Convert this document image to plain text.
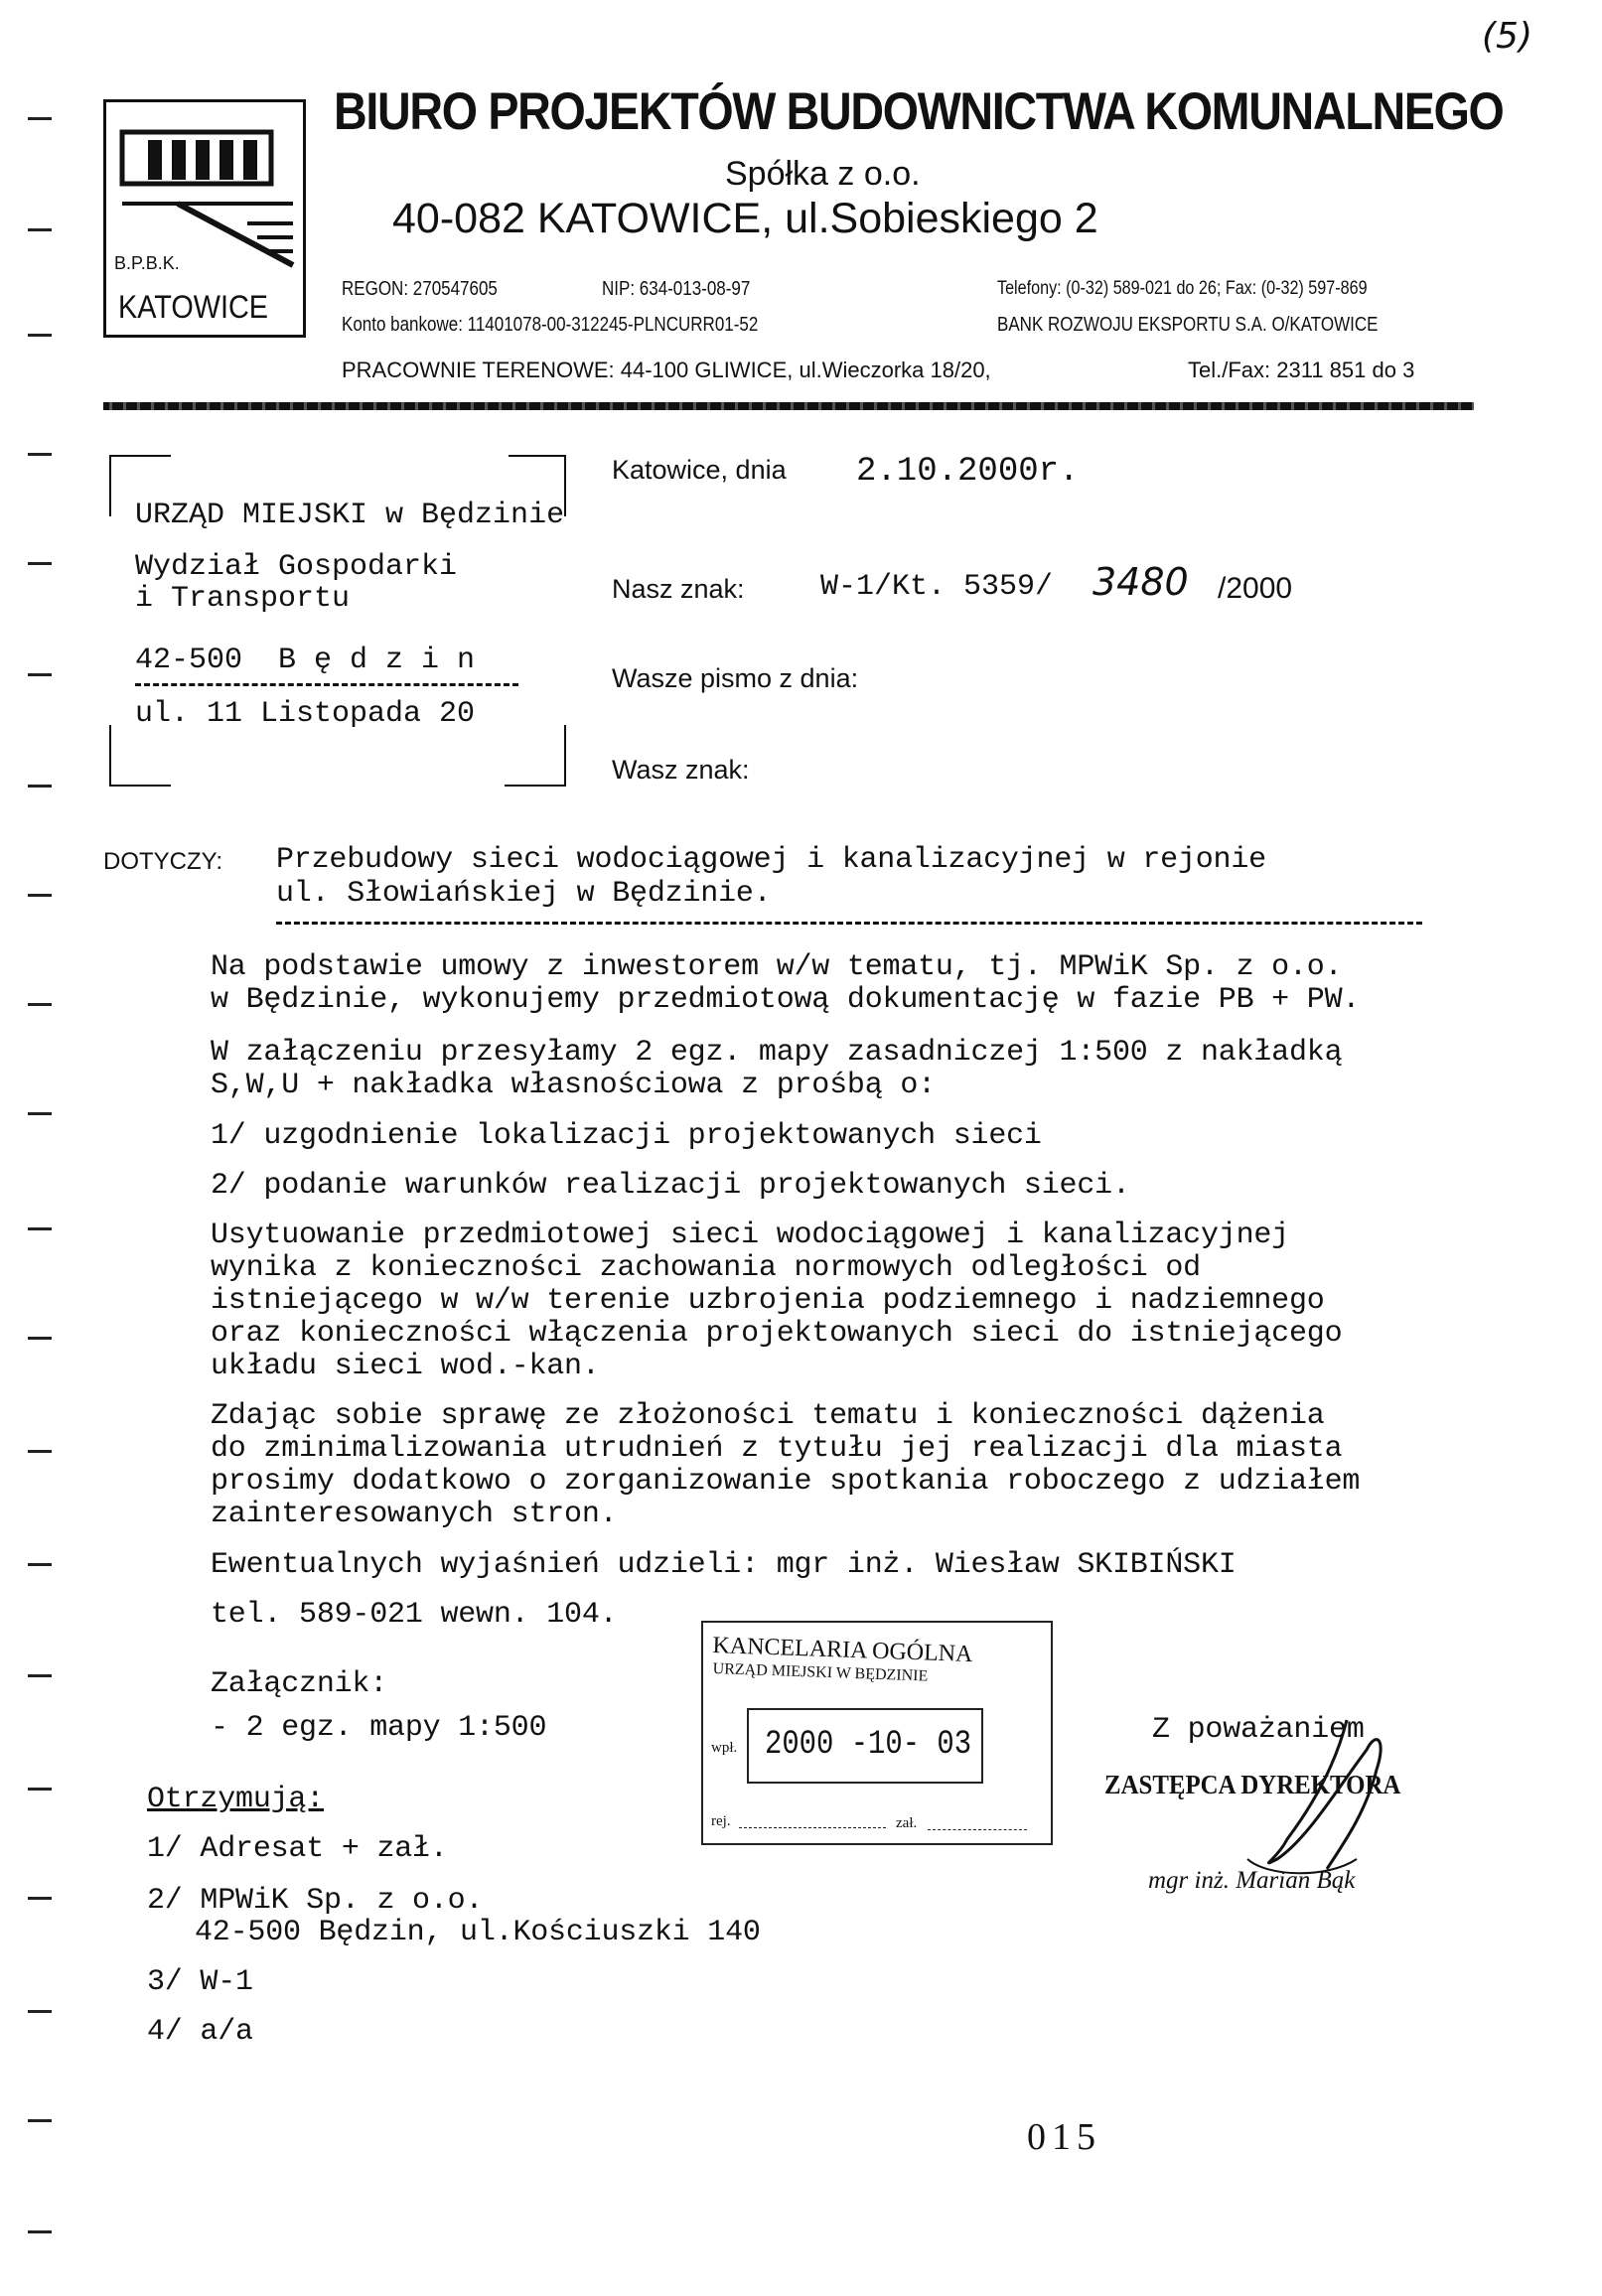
(5)
B.P.B.K.
KATOWICE
BIURO PROJEKTÓW BUDOWNICTWA KOMUNALNEGO
Spółka z o.o.
40-082 KATOWICE, ul.Sobieskiego 2
REGON: 270547605	NIP: 634-013-08-97	Telefony: (0-32) 589-021 do 26; Fax: (0-32) 597-869
Konto bankowe: 11401078-00-312245-PLNCURR01-52	BANK ROZWOJU EKSPORTU S.A. O/KATOWICE
PRACOWNIE TERENOWE: 44-100 GLIWICE, ul.Wieczorka 18/20,	Tel./Fax: 2311 851 do 3
URZĄD MIEJSKI w Będzinie
Wydział Gospodarki
i Transportu
42-500  B ę d z i n
ul. 11 Listopada 20
Katowice, dnia 2.10.2000r.
Nasz znak:	W-1/Kt. 5359/ 3480 /2000
Wasze pismo z dnia:
Wasz znak:
DOTYCZY: Przebudowy sieci wodociągowej i kanalizacyjnej w rejonie
ul. Słowiańskiej w Będzinie.
Na podstawie umowy z inwestorem w/w tematu, tj. MPWiK Sp. z o.o.
w Będzinie, wykonujemy przedmiotową dokumentację w fazie PB + PW.
W załączeniu przesyłamy 2 egz. mapy zasadniczej 1:500 z nakładką
S,W,U + nakładka własnościowa z prośbą o:
1/ uzgodnienie lokalizacji projektowanych sieci
2/ podanie warunków realizacji projektowanych sieci.
Usytuowanie przedmiotowej sieci wodociągowej i kanalizacyjnej
wynika z konieczności zachowania normowych odległości od
istniejącego w w/w terenie uzbrojenia podziemnego i nadziemnego
oraz konieczności włączenia projektowanych sieci do istniejącego
układu sieci wod.-kan.
Zdając sobie sprawę ze złożoności tematu i konieczności dążenia
do zminimalizowania utrudnień z tytułu jej realizacji dla miasta
prosimy dodatkowo o zorganizowanie spotkania roboczego z udziałem
zainteresowanych stron.
Ewentualnych wyjaśnień udzieli: mgr inż. Wiesław SKIBIŃSKI
tel. 589-021 wewn. 104.
Załącznik:
- 2 egz. mapy 1:500
Otrzymują:
1/ Adresat + zał.
2/ MPWiK Sp. z o.o.
42-500 Będzin, ul.Kościuszki 140
3/ W-1
4/ a/a
KANCELARIA OGÓLNA
URZĄD MIEJSKI W BĘDZINIE
wpł. 2000 -10- 03
rej.	zał.
Z poważaniem
ZASTĘPCA DYREKTORA
mgr inż. Marian Bąk
015
